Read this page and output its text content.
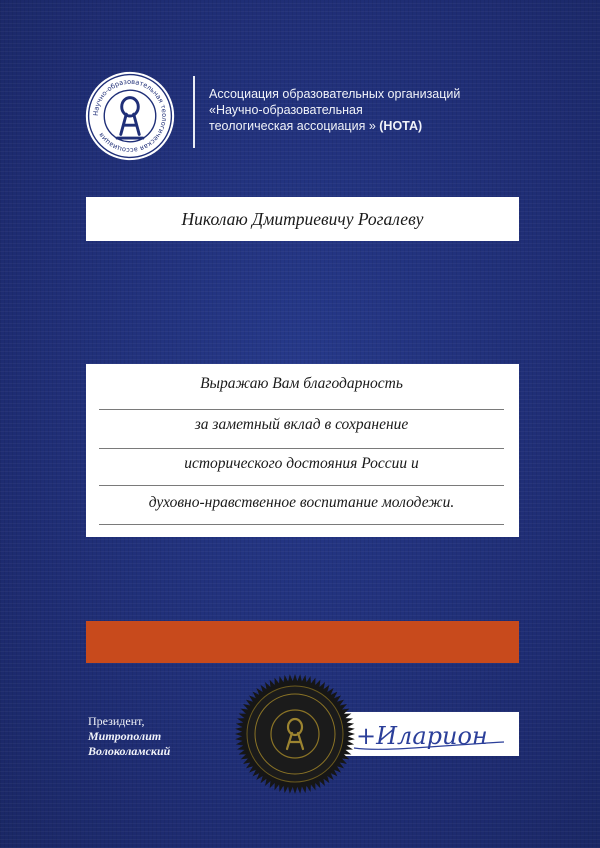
Научно-образовательная теологическая ассоциация
Ассоциация образовательных организаций
«Научно-образовательная
теологическая ассоциация » (НОТА)
Николаю Дмитриевичу Рогалеву
Выражаю Вам благодарность
за заметный вклад в сохранение
исторического достояния России и
духовно-нравственное воспитание молодежи.
Президент,
Митрополит
Волоколамский
+Иларион
